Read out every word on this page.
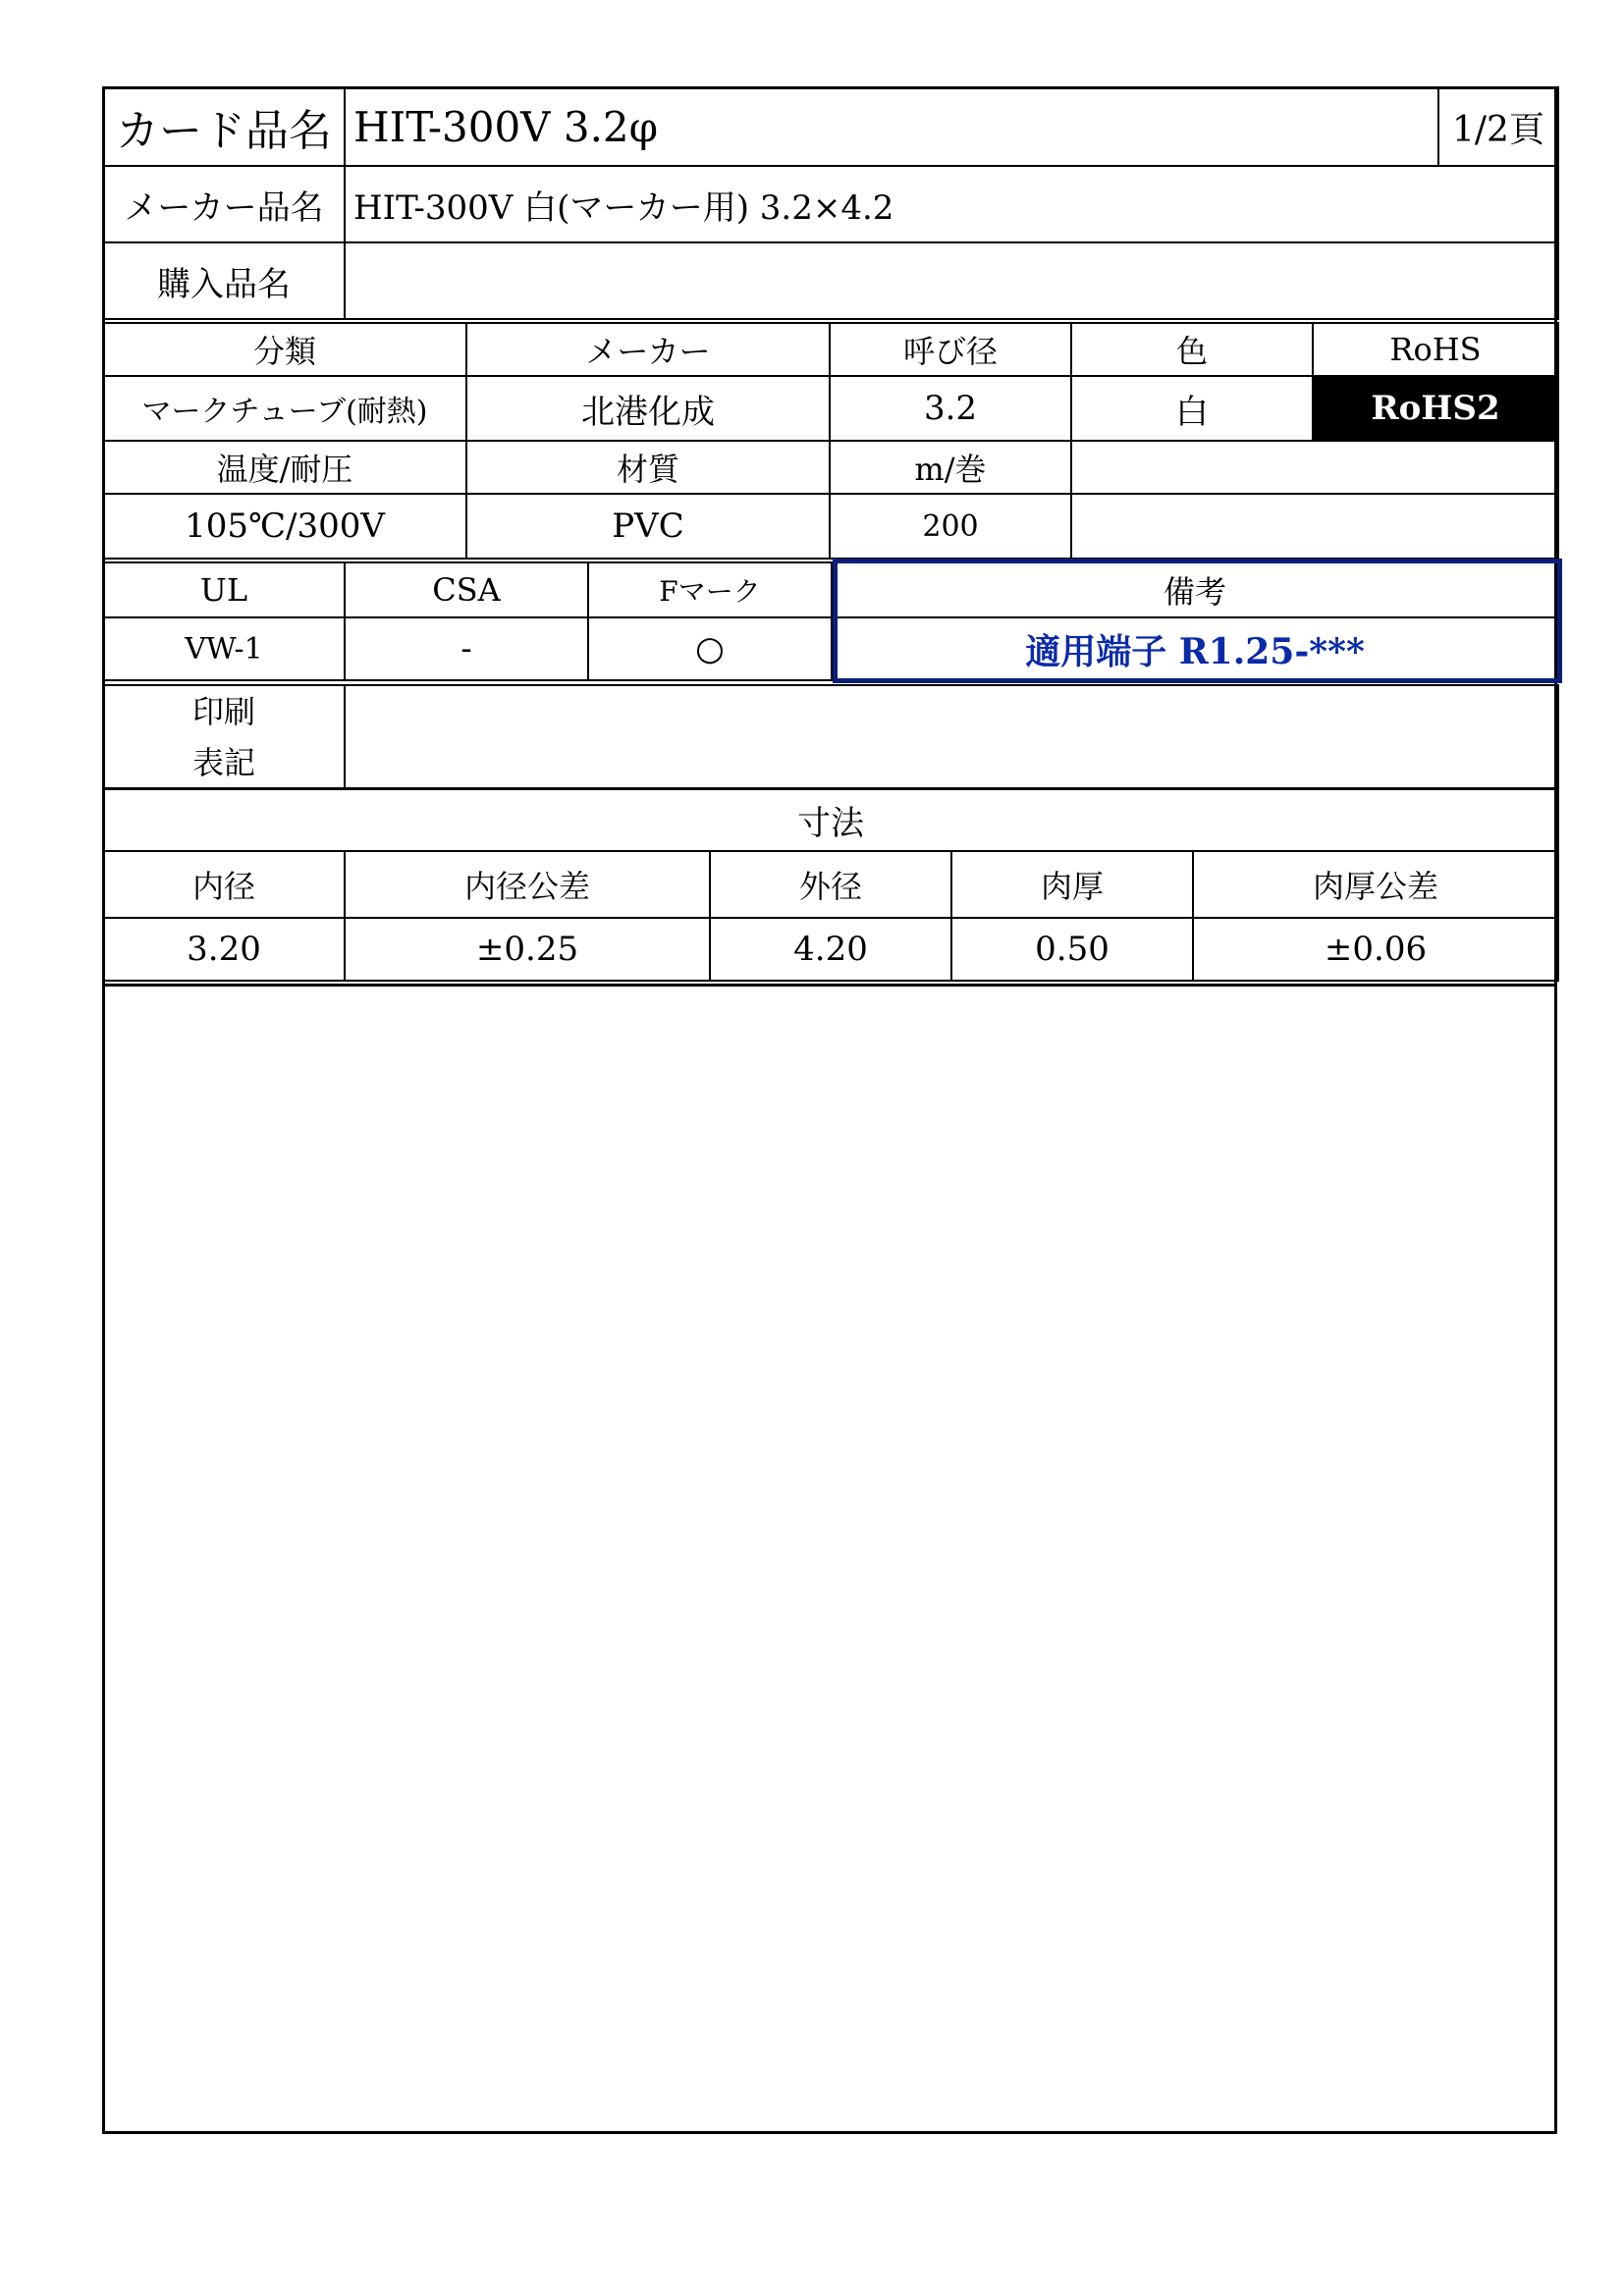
カード品名	HIT-300V 3.2φ	1/2頁
メーカー品名	HIT-300V 白(マーカー用) 3.2×4.2	
購入品名		
分類	メーカー	呼び径	色	RoHS
マークチューブ(耐熱)	北港化成	3.2	白	RoHS2
温度/耐圧	材質	m/巻	
105℃/300V	PVC	200	
UL	CSA	Fマーク	備考
VW-1	-	○	適用端子 R1.25-***
印刷
表記

寸法				
内径	内径公差	外径	肉厚	肉厚公差
3.20	±0.25	4.20	0.50	±0.06
